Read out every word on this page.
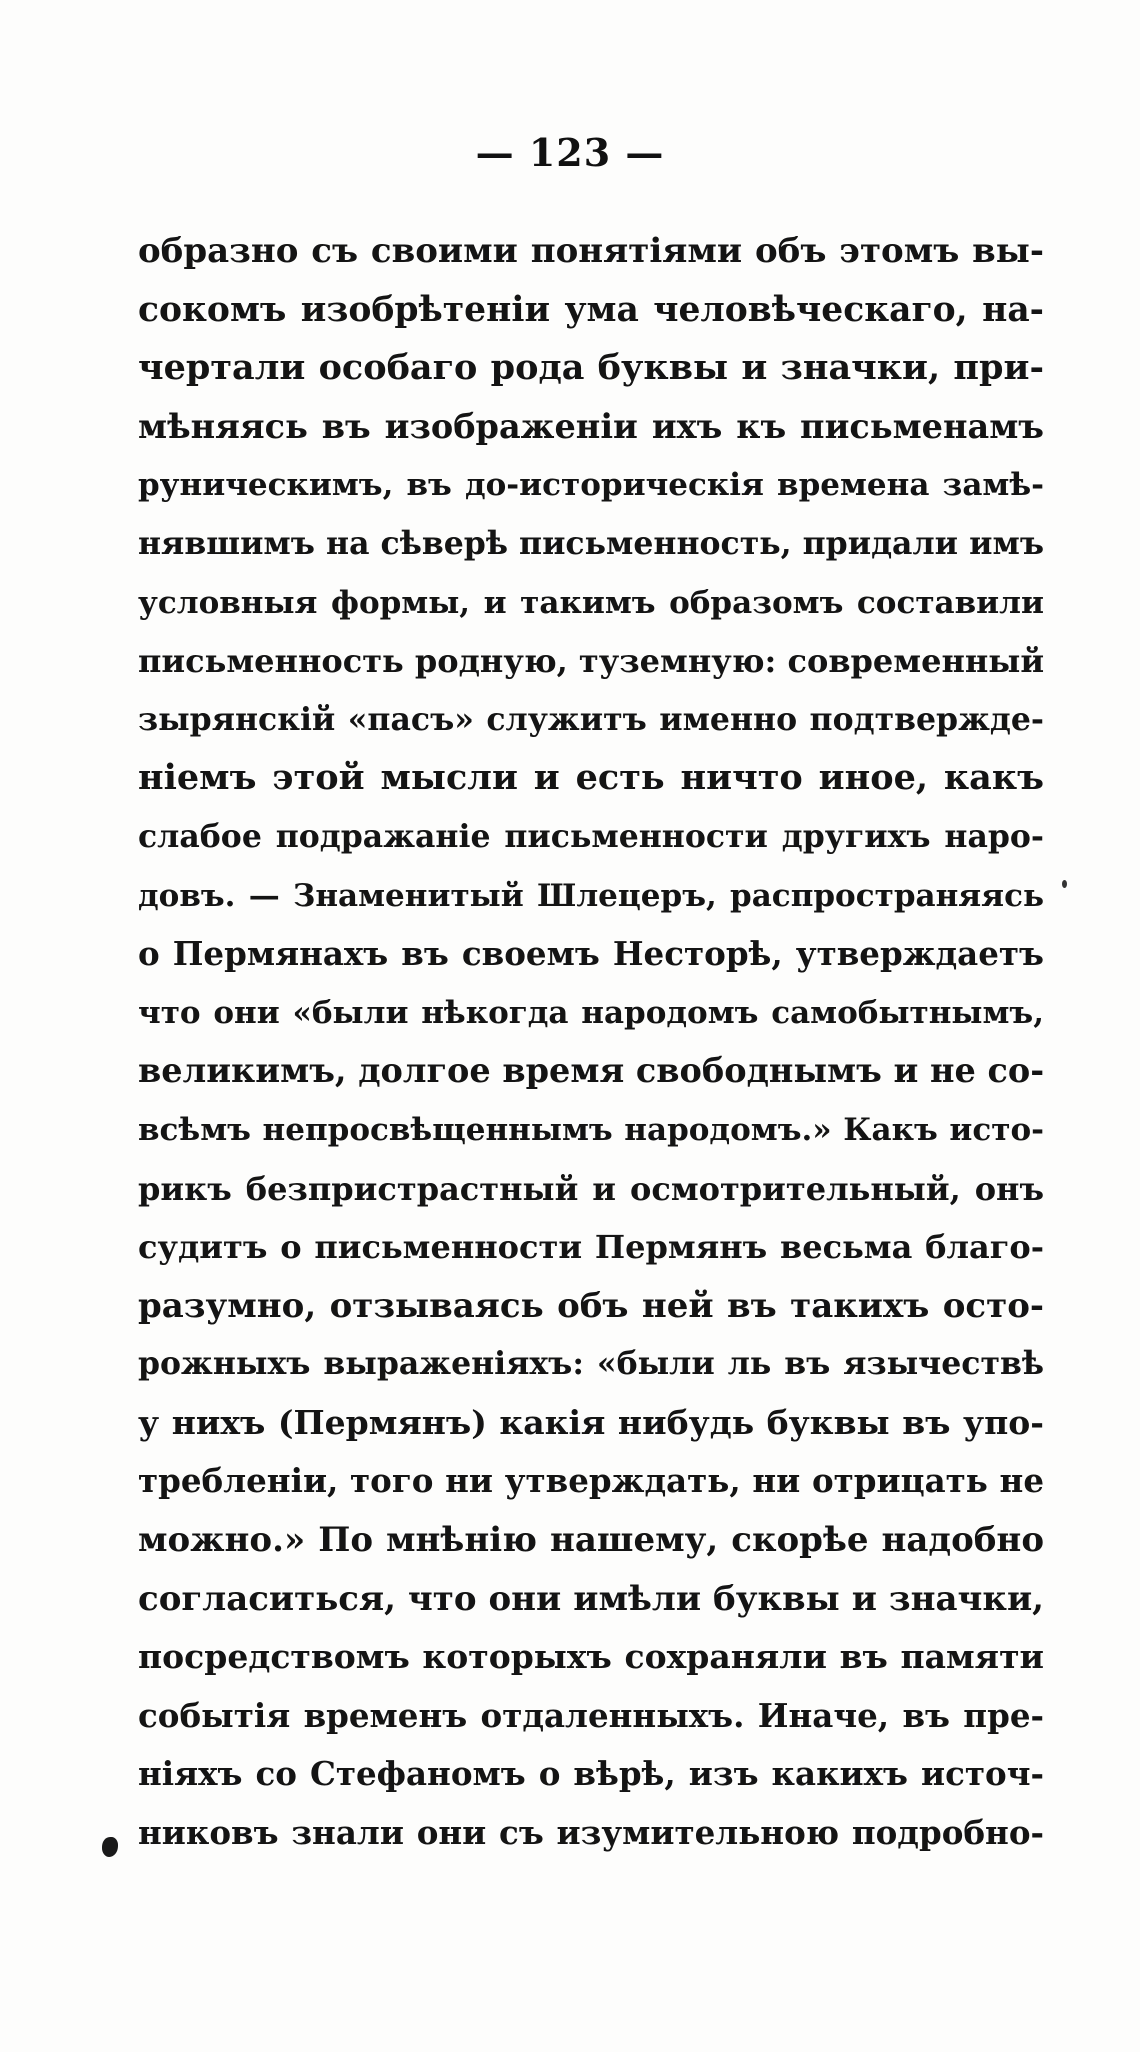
— 123 —
образно съ своими понятіями объ этомъ вы-
сокомъ изобрѣтеніи ума человѣческаго, на-
чертали особаго рода буквы и значки, при-
мѣняясь въ изображеніи ихъ къ письменамъ
руническимъ, въ до-историческія времена замѣ-
нявшимъ на сѣверѣ письменность, придали имъ
условныя формы, и такимъ образомъ составили
письменность родную, туземную: современный
зырянскій «пасъ» служитъ именно подтвержде-
ніемъ этой мысли и есть ничто иное, какъ
слабое подражаніе письменности другихъ наро-
довъ. — Знаменитый Шлецеръ, распространяясь
о Пермянахъ въ своемъ Несторѣ, утверждаетъ
что они «были нѣкогда народомъ самобытнымъ,
великимъ, долгое время свободнымъ и не со-
всѣмъ непросвѣщеннымъ народомъ.» Какъ исто-
рикъ безпристрастный и осмотрительный, онъ
судитъ о письменности Пермянъ весьма благо-
разумно, отзываясь объ ней въ такихъ осто-
рожныхъ выраженіяхъ: «были ль въ язычествѣ
у нихъ (Пермянъ) какія нибудь буквы въ упо-
требленіи, того ни утверждать, ни отрицать не
можно.» По мнѣнію нашему, скорѣе надобно
согласиться, что они имѣли буквы и значки,
посредствомъ которыхъ сохраняли въ памяти
событія временъ отдаленныхъ. Иначе, въ пре-
ніяхъ со Стефаномъ о вѣрѣ, изъ какихъ источ-
никовъ знали они съ изумительною подробно-
